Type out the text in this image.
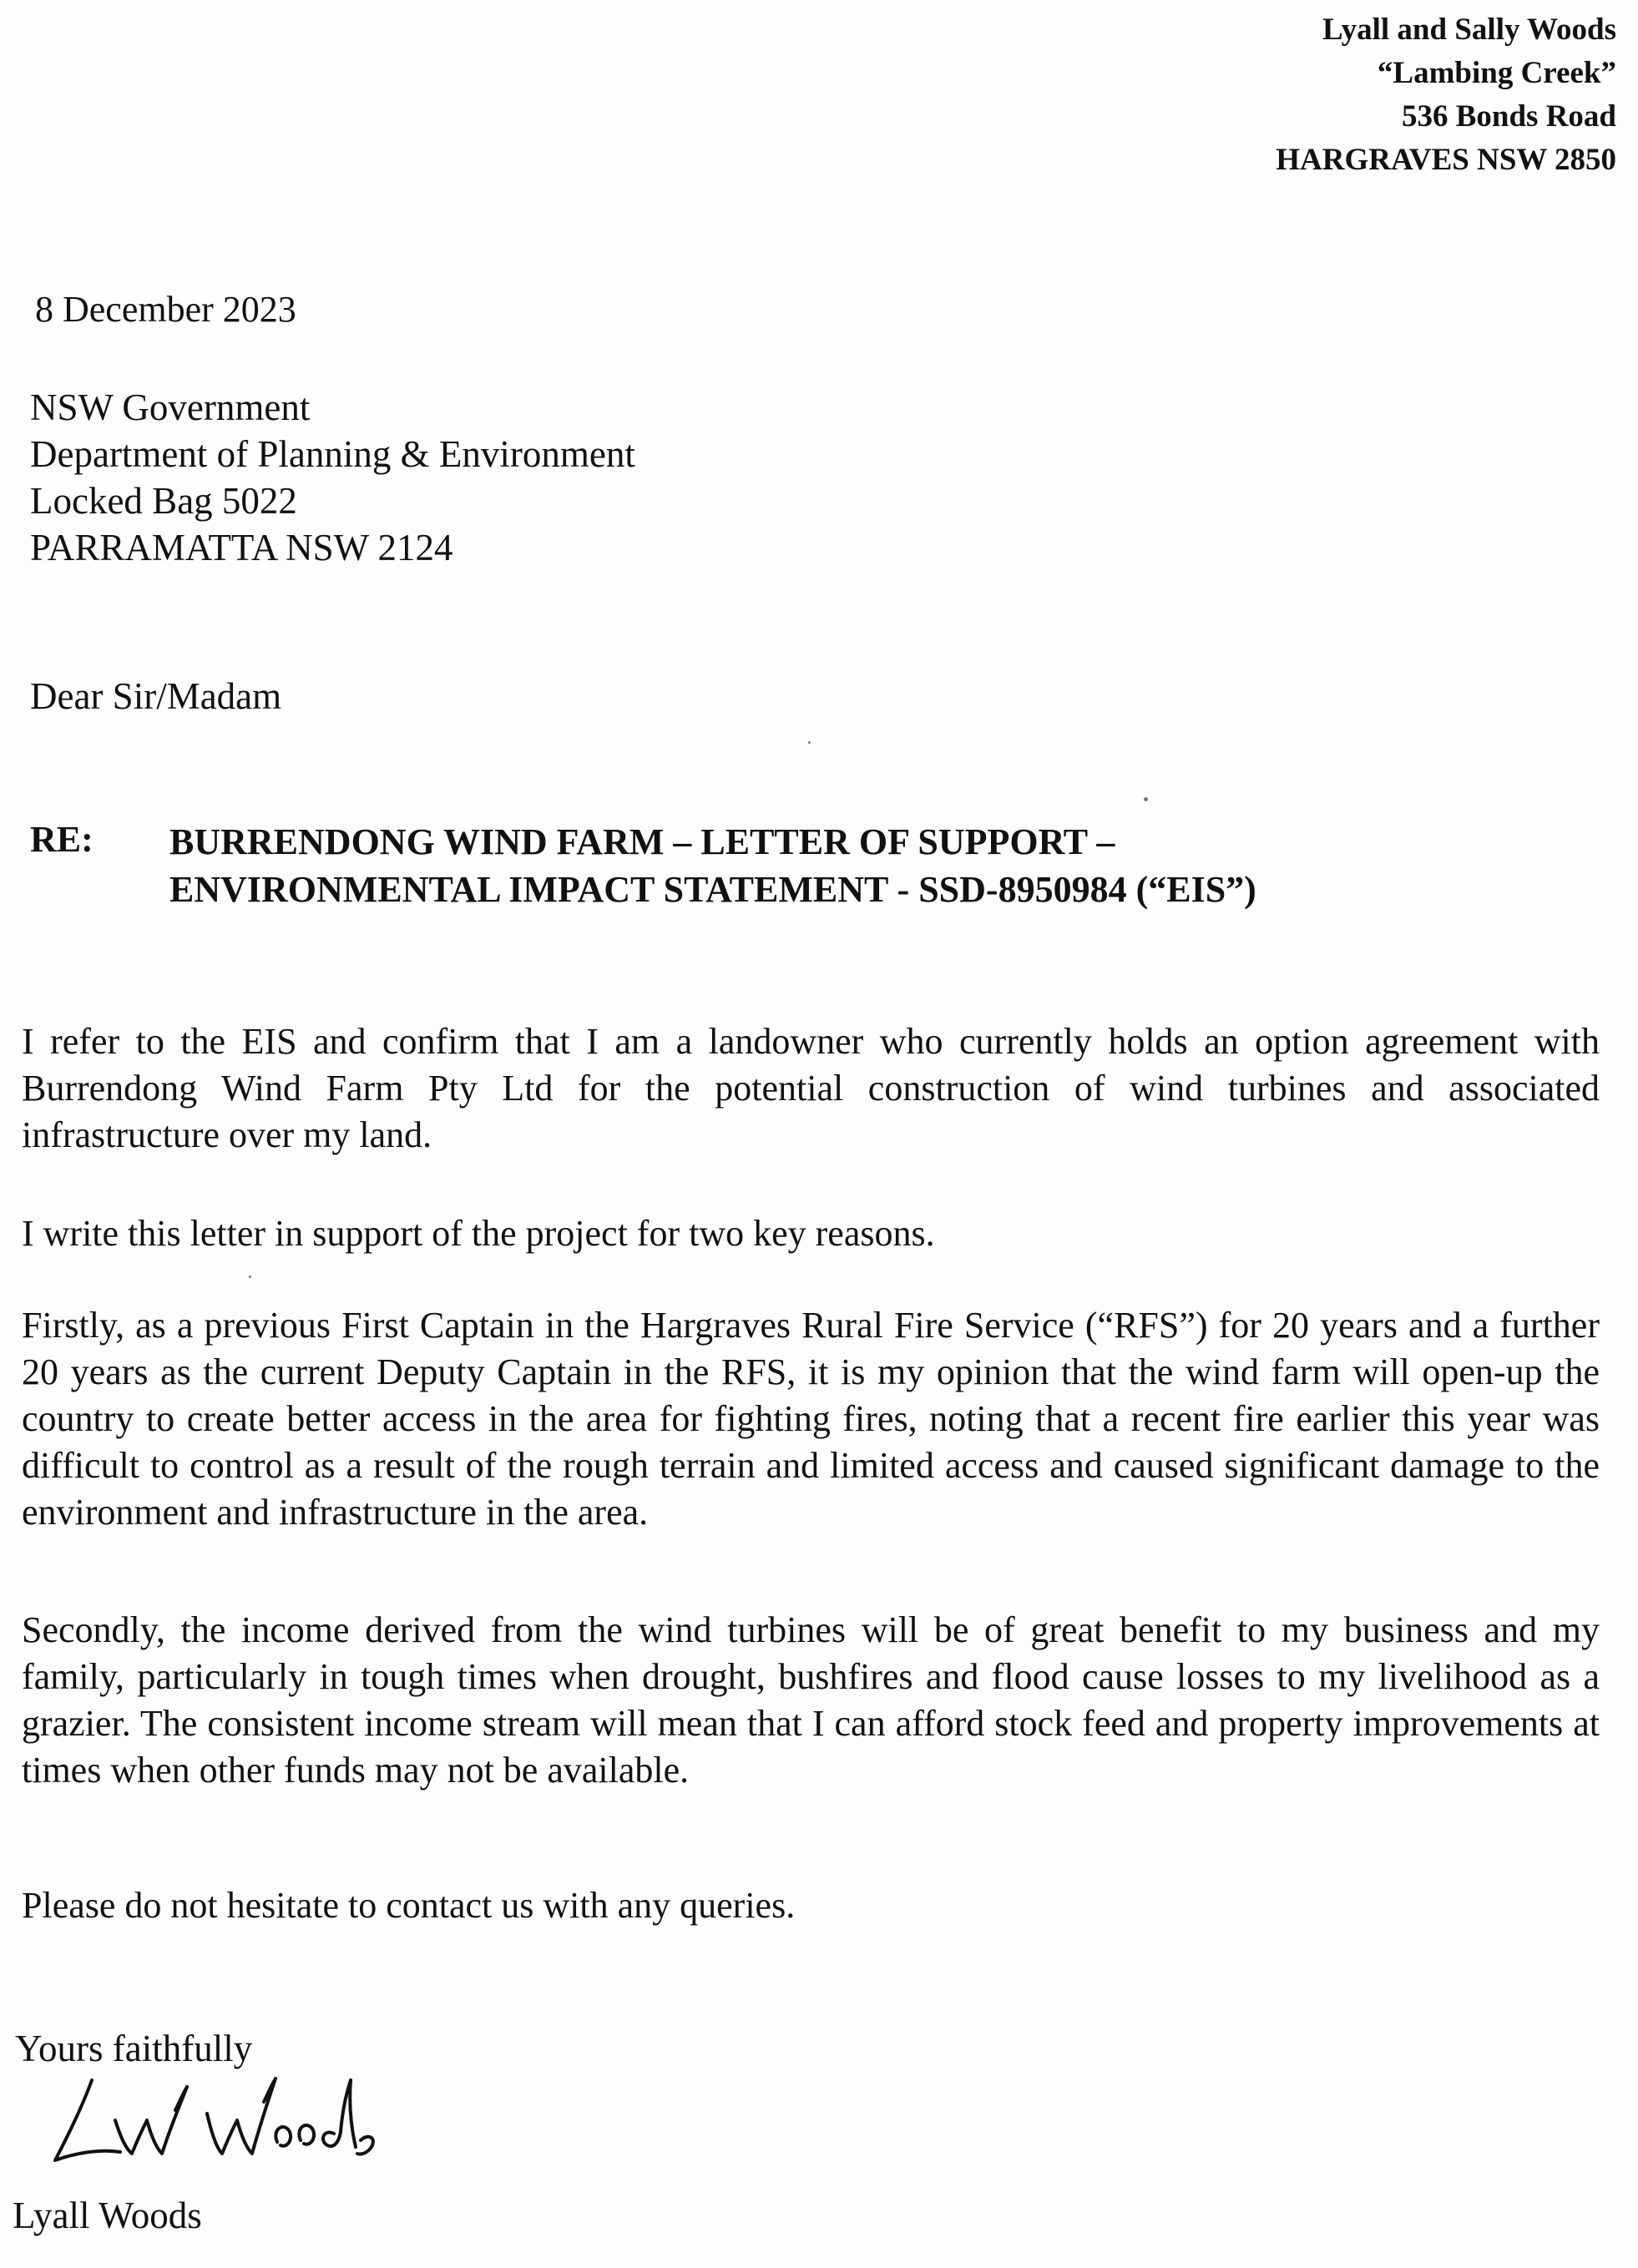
Lyall and Sally Woods
“Lambing Creek”
536 Bonds Road
HARGRAVES NSW 2850
8 December 2023
NSW Government
Department of Planning & Environment
Locked Bag 5022
PARRAMATTA NSW 2124
Dear Sir/Madam
RE: BURRENDONG WIND FARM – LETTER OF SUPPORT –
ENVIRONMENTAL IMPACT STATEMENT - SSD-8950984 (“EIS”)
I refer to the EIS and confirm that I am a landowner who currently holds an option agreement with Burrendong Wind Farm Pty Ltd for the potential construction of wind turbines and associated infrastructure over my land.
I write this letter in support of the project for two key reasons.
Firstly, as a previous First Captain in the Hargraves Rural Fire Service (“RFS”) for 20 years and a further 20 years as the current Deputy Captain in the RFS, it is my opinion that the wind farm will open-up the country to create better access in the area for fighting fires, noting that a recent fire earlier this year was difficult to control as a result of the rough terrain and limited access and caused significant damage to the environment and infrastructure in the area.
Secondly, the income derived from the wind turbines will be of great benefit to my business and my family, particularly in tough times when drought, bushfires and flood cause losses to my livelihood as a grazier. The consistent income stream will mean that I can afford stock feed and property improvements at times when other funds may not be available.
Please do not hesitate to contact us with any queries.
Yours faithfully
Lyall Woods
